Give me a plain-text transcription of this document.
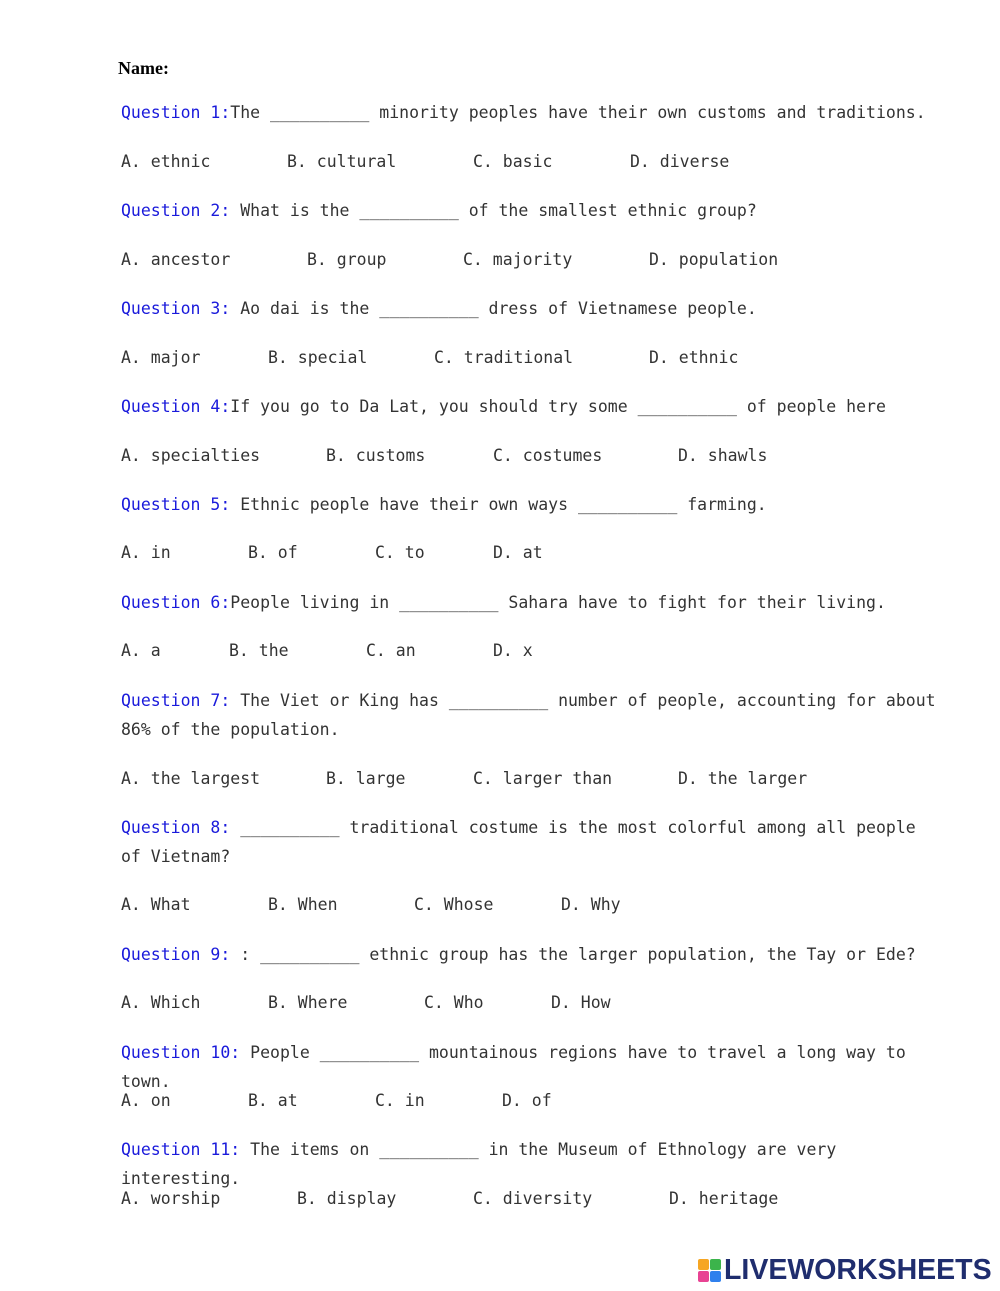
Name:
Question 1:The __________ minority peoples have their own customs and traditions.
A. ethnic	B. cultural	C. basic	D. diverse
Question 2: What is the __________ of the smallest ethnic group?
A. ancestor	B. group	C. majority	D. population
Question 3: Ao dai is the __________ dress of Vietnamese people.
A. major	B. special	C. traditional	D. ethnic
Question 4:If you go to Da Lat, you should try some __________ of people here
A. specialties	B. customs	C. costumes	D. shawls
Question 5: Ethnic people have their own ways __________ farming.
A. in	B. of	C. to	D. at
Question 6:People living in __________ Sahara have to fight for their living.
A. a	B. the	C. an	D. x
Question 7: The Viet or King has __________ number of people, accounting for about 86% of the population.
A. the largest	B. large	C. larger than	D. the larger
Question 8: __________ traditional costume is the most colorful among all people of Vietnam?
A. What	B. When	C. Whose	D. Why
Question 9: : __________ ethnic group has the larger population, the Tay or Ede?
A. Which	B. Where	C. Who	D. How
Question 10: People __________ mountainous regions have to travel a long way to town.
A. on	B. at	C. in	D. of
Question 11: The items on __________ in the Museum of Ethnology are very interesting.
A. worship	B. display	C. diversity	D. heritage
LIVEWORKSHEETS
